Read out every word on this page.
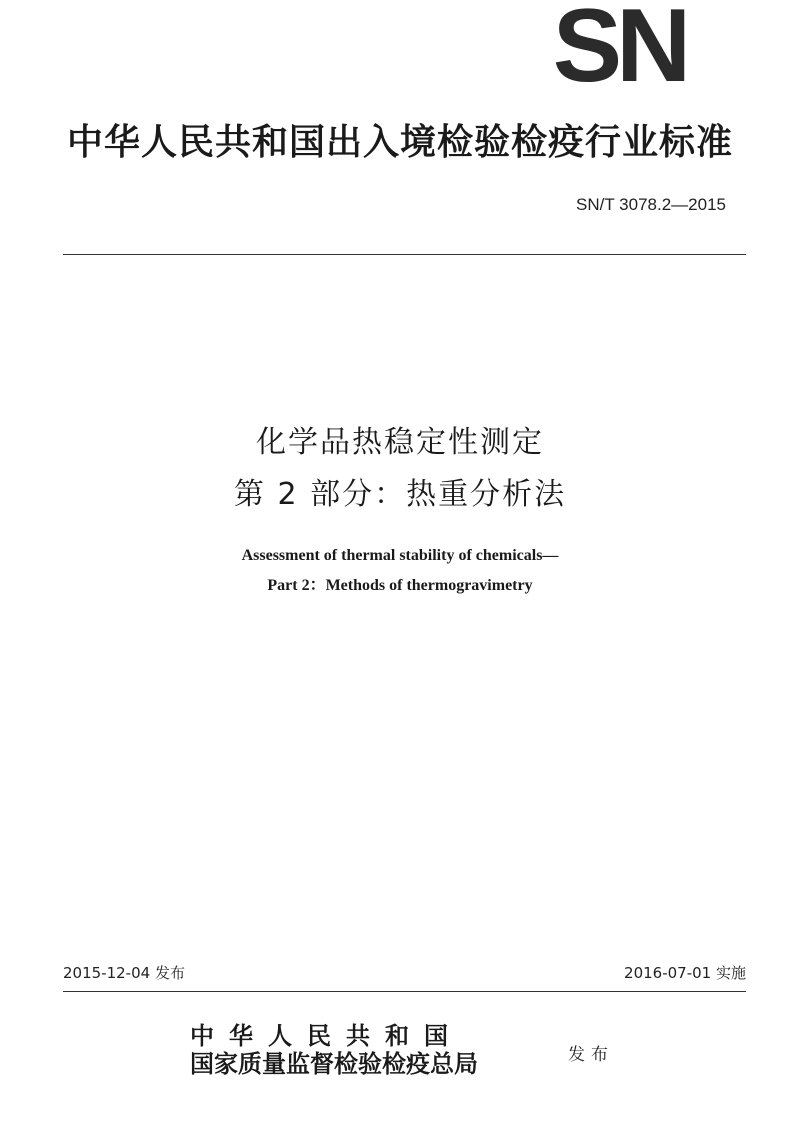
SN
中华人民共和国出入境检验检疫行业标准
SN/T 3078.2—2015
化学品热稳定性测定
第 2 部分：热重分析法
Assessment of thermal stability of chemicals—
Part 2：Methods of thermogravimetry
2015-12-04 发布	2016-07-01 实施
中华人民共和国
国家质量监督检验检疫总局	发布
